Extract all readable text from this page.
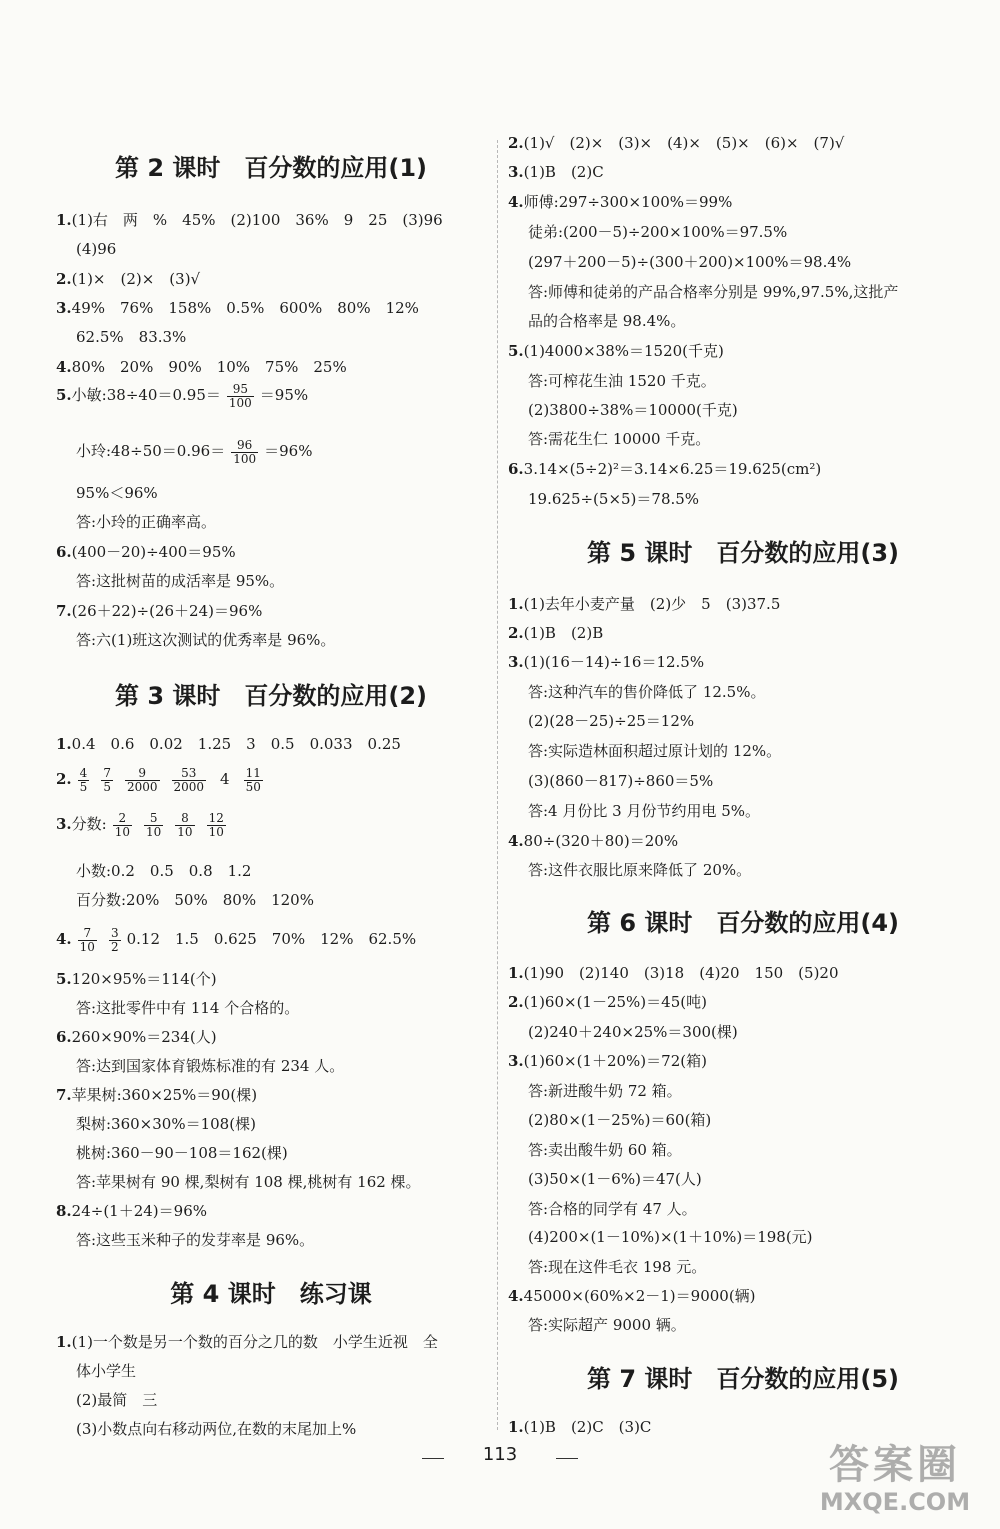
第 2 课时　百分数的应用(1)
1.(1)右　两　%　45%　(2)100　36%　9　25　(3)96
(4)96
2.(1)×　(2)×　(3)√
3.49%　76%　158%　0.5%　600%　80%　12%
62.5%　83.3%
4.80%　20%　90%　10%　75%　25%
5.小敏:38÷40＝0.95＝ $\frac{95}{100} =95\%$
小玲:48÷50＝0.96＝ $\frac{96}{100} =96\%$
95%＜96%
答:小玲的正确率高。
6.(400－20)÷400＝95%
答:这批树苗的成活率是 95%。
7.(26＋22)÷(26＋24)＝96%
答:六(1)班这次测试的优秀率是 96%。
第 3 课时　百分数的应用(2)
1.0.4　0.6　0.02　1.25　3　0.5　0.033　0.25
2. $\frac{4}{5} \frac{7}{5} \frac{9}{2000} \frac{53}{2000} 4 \frac{11}{50}$
3.分数: $\frac{2}{10} \frac{5}{10} \frac{8}{10} \frac{12}{10}$
小数:0.2　0.5　0.8　1.2
百分数:20%　50%　80%　120%
4. $\frac{7}{10} \frac{3}{2} 0.12$　1.5　0.625　70%　12%　62.5%
5.120×95%＝114(个)
答:这批零件中有 114 个合格的。
6.260×90%＝234(人)
答:达到国家体育锻炼标准的有 234 人。
7.苹果树:360×25%＝90(棵)
梨树:360×30%＝108(棵)
桃树:360－90－108＝162(棵)
答:苹果树有 90 棵,梨树有 108 棵,桃树有 162 棵。
8.24÷(1＋24)＝96%
答:这些玉米种子的发芽率是 96%。
第 4 课时　练习课
1.(1)一个数是另一个数的百分之几的数　小学生近视　全
体小学生
(2)最简　三
(3)小数点向右移动两位,在数的末尾加上%
2.(1)√　(2)×　(3)×　(4)×　(5)×　(6)×　(7)√
3.(1)B　(2)C
4.师傅:297÷300×100%＝99%
徒弟:(200－5)÷200×100%＝97.5%
(297＋200－5)÷(300＋200)×100%＝98.4%
答:师傅和徒弟的产品合格率分别是 99%,97.5%,这批产
品的合格率是 98.4%。
5.(1)4000×38%＝1520(千克)
答:可榨花生油 1520 千克。
(2)3800÷38%＝10000(千克)
答:需花生仁 10000 千克。
6.3.14×(5÷2)²＝3.14×6.25＝19.625(cm²)
19.625÷(5×5)＝78.5%
第 5 课时　百分数的应用(3)
1.(1)去年小麦产量　(2)少　5　(3)37.5
2.(1)B　(2)B
3.(1)(16－14)÷16＝12.5%
答:这种汽车的售价降低了 12.5%。
(2)(28－25)÷25＝12%
答:实际造林面积超过原计划的 12%。
(3)(860－817)÷860＝5%
答:4 月份比 3 月份节约用电 5%。
4.80÷(320＋80)＝20%
答:这件衣服比原来降低了 20%。
第 6 课时　百分数的应用(4)
1.(1)90　(2)140　(3)18　(4)20　150　(5)20
2.(1)60×(1－25%)＝45(吨)
(2)240＋240×25%＝300(棵)
3.(1)60×(1＋20%)＝72(箱)
答:新进酸牛奶 72 箱。
(2)80×(1－25%)＝60(箱)
答:卖出酸牛奶 60 箱。
(3)50×(1－6%)＝47(人)
答:合格的同学有 47 人。
(4)200×(1－10%)×(1＋10%)＝198(元)
答:现在这件毛衣 198 元。
4.45000×(60%×2－1)＝9000(辆)
答:实际超产 9000 辆。
第 7 课时　百分数的应用(5)
1.(1)B　(2)C　(3)C
113	答案圈
MXQE.COM
